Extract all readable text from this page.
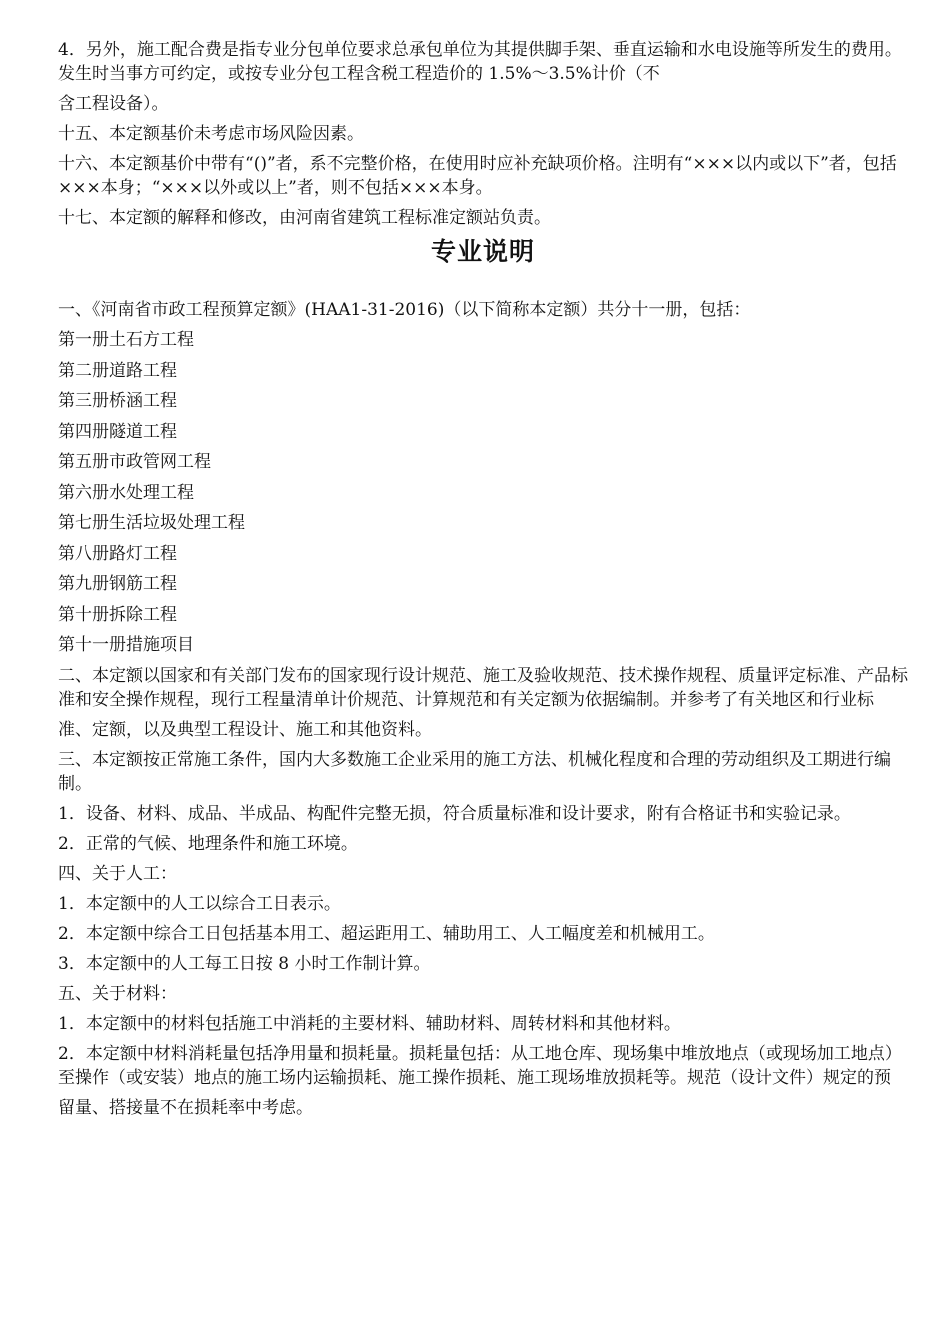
4．另外，施工配合费是指专业分包单位要求总承包单位为其提供脚手架、垂直运输和水电设施等所发生的费用。发生时当事方可约定，或按专业分包工程含税工程造价的 1.5%～3.5%计价（不

含工程设备）。

十五、本定额基价未考虑市场风险因素。

十六、本定额基价中带有“()”者，系不完整价格，在使用时应补充缺项价格。注明有“×××以内或以下”者，包括×××本身；“×××以外或以上”者，则不包括×××本身。

十七、本定额的解释和修改，由河南省建筑工程标准定额站负责。

专业说明

一、《河南省市政工程预算定额》(HAA1-31-2016)（以下简称本定额）共分十一册，包括：

第一册土石方工程

第二册道路工程

第三册桥涵工程

第四册隧道工程

第五册市政管网工程

第六册水处理工程

第七册生活垃圾处理工程

第八册路灯工程

第九册钢筋工程

第十册拆除工程

第十一册措施项目

二、本定额以国家和有关部门发布的国家现行设计规范、施工及验收规范、技术操作规程、质量评定标准、产品标准和安全操作规程，现行工程量清单计价规范、计算规范和有关定额为依据编制。并参考了有关地区和行业标

准、定额，以及典型工程设计、施工和其他资料。

三、本定额按正常施工条件，国内大多数施工企业采用的施工方法、机械化程度和合理的劳动组织及工期进行编制。

1．设备、材料、成品、半成品、构配件完整无损，符合质量标准和设计要求，附有合格证书和实验记录。

2．正常的气候、地理条件和施工环境。

四、关于人工：

1．本定额中的人工以综合工日表示。

2．本定额中综合工日包括基本用工、超运距用工、辅助用工、人工幅度差和机械用工。

3．本定额中的人工每工日按 8 小时工作制计算。

五、关于材料：

1．本定额中的材料包括施工中消耗的主要材料、辅助材料、周转材料和其他材料。

2．本定额中材料消耗量包括净用量和损耗量。损耗量包括：从工地仓库、现场集中堆放地点（或现场加工地点）至操作（或安装）地点的施工场内运输损耗、施工操作损耗、施工现场堆放损耗等。规范（设计文件）规定的预

留量、搭接量不在损耗率中考虑。
